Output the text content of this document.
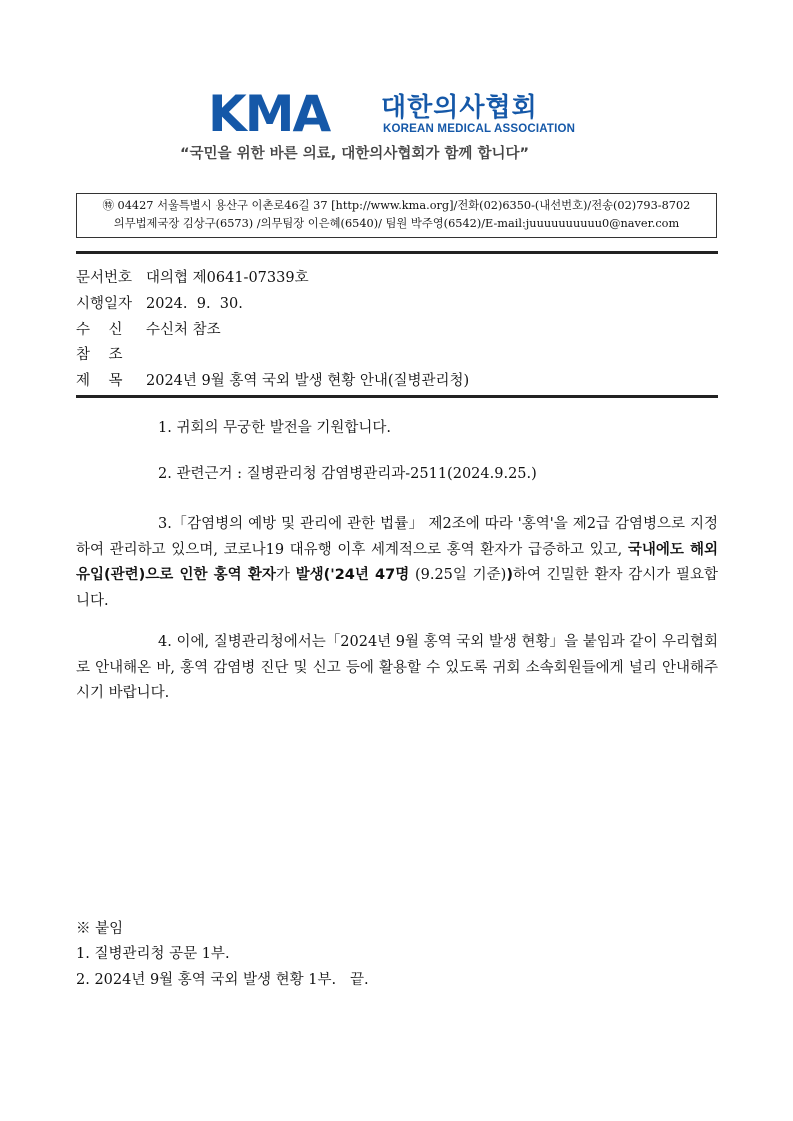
KMA 대한의사협회
KOREAN MEDICAL ASSOCIATION
“국민을 위한 바른 의료, 대한의사협회가 함께 합니다”
㊕ 04427 서울특별시 용산구 이촌로46길 37 [http://www.kma.org]/전화(02)6350-(내선번호)/전송(02)793-8702
의무법제국장 김상구(6573) /의무팀장 이은혜(6540)/ 팀원 박주영(6542)/E-mail:juuuuuuuuuu0@naver.com
문서번호 대의협 제0641-07339호
시행일자 2024.  9.  30.
수    신 수신처 참조
참    조
제    목 2024년 9월 홍역 국외 발생 현황 안내(질병관리청)
1. 귀회의 무궁한 발전을 기원합니다.
2. 관련근거 : 질병관리청 감염병관리과-2511(2024.9.25.)
3.「감염병의 예방 및 관리에 관한 법률」 제2조에 따라 '홍역'을 제2급 감염병으로 지정하여 관리하고 있으며, 코로나19 대유행 이후 세계적으로 홍역 환자가 급증하고 있고, 국내에도 해외유입(관련)으로 인한 홍역 환자가 발생('24년 47명 (9.25일 기준))하여 긴밀한 환자 감시가 필요합니다.
4. 이에, 질병관리청에서는「2024년 9월 홍역 국외 발생 현황」을 붙임과 같이 우리협회로 안내해온 바, 홍역 감염병 진단 및 신고 등에 활용할 수 있도록 귀회 소속회원들에게 널리 안내해주시기 바랍니다.
※ 붙임
1. 질병관리청 공문 1부.
2. 2024년 9월 홍역 국외 발생 현황 1부.   끝.
